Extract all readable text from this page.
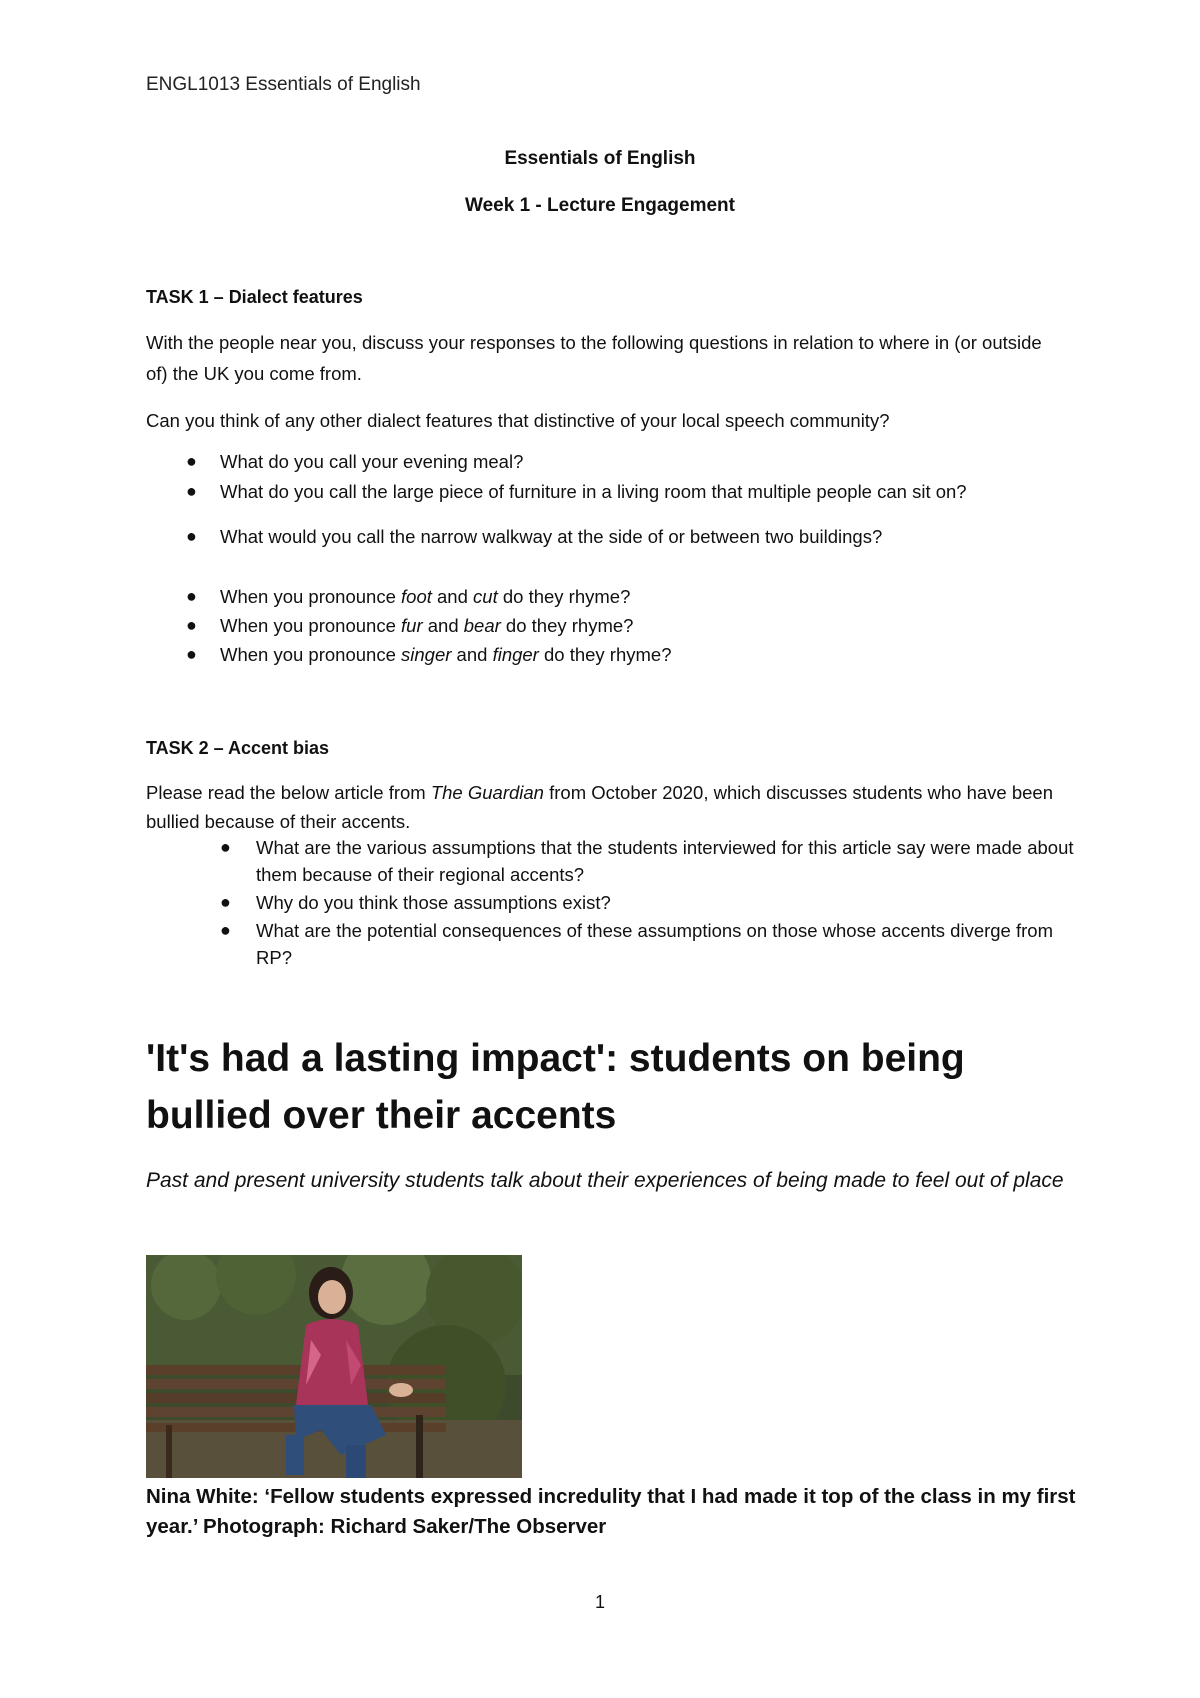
ENGL1013 Essentials of English
Essentials of English
Week 1 - Lecture Engagement
TASK 1 – Dialect features
With the people near you, discuss your responses to the following questions in relation to where in (or outside of) the UK you come from.
Can you think of any other dialect features that distinctive of your local speech community?
● What do you call your evening meal?
● What do you call the large piece of furniture in a living room that multiple people can sit on?
● What would you call the narrow walkway at the side of or between two buildings?
● When you pronounce foot and cut do they rhyme?
● When you pronounce fur and bear do they rhyme?
● When you pronounce singer and finger do they rhyme?
TASK 2 – Accent bias
Please read the below article from The Guardian from October 2020, which discusses students who have been bullied because of their accents.
● What are the various assumptions that the students interviewed for this article say were made about them because of their regional accents?
● Why do you think those assumptions exist?
● What are the potential consequences of these assumptions on those whose accents diverge from RP?
'It's had a lasting impact': students on being bullied over their accents
Past and present university students talk about their experiences of being made to feel out of place
Nina White: ‘Fellow students expressed incredulity that I had made it top of the class in my first year.’ Photograph: Richard Saker/The Observer
1
